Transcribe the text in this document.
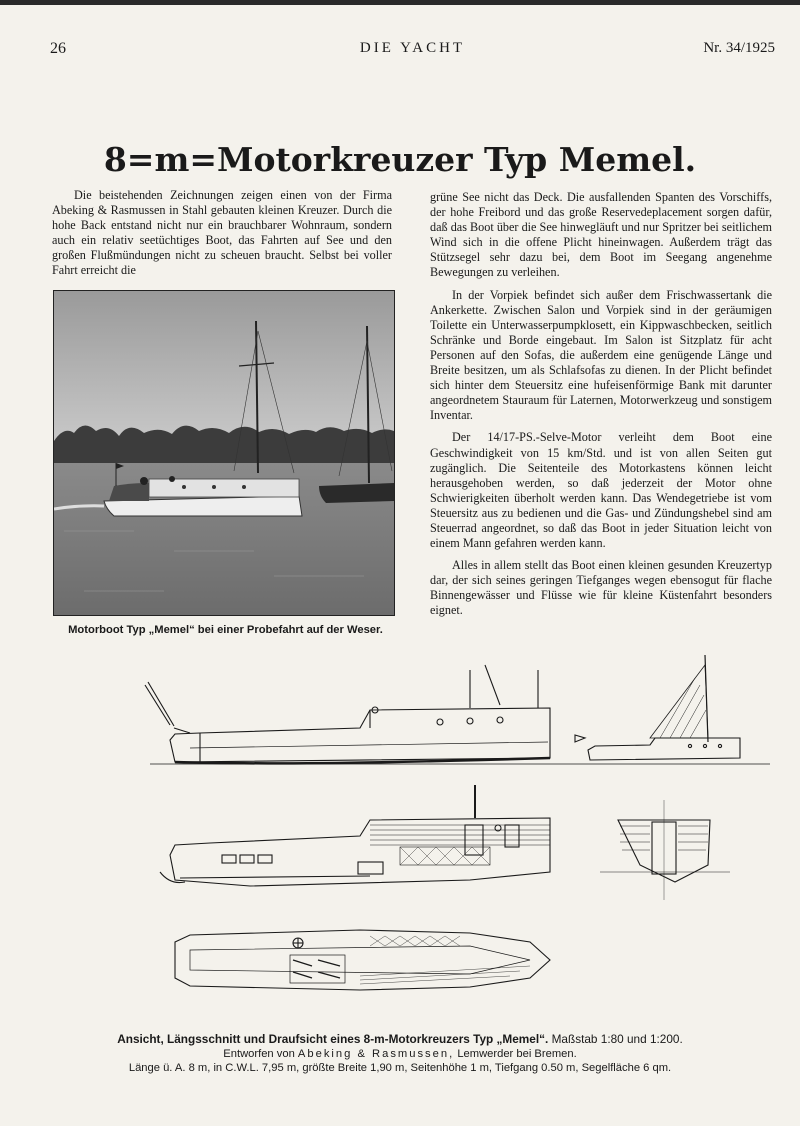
26	DIE YACHT	Nr. 34/1925
8=m=Motorkreuzer Typ Memel.

Die beistehenden Zeichnungen zeigen einen von der Firma Abeking & Rasmussen in Stahl gebauten kleinen Kreuzer. Durch die hohe Back entstand nicht nur ein brauchbarer Wohnraum, sondern auch ein relativ seetüchtiges Boot, das Fahrten auf See und den großen Flußmündungen nicht zu scheuen braucht. Selbst bei voller Fahrt erreicht die

grüne See nicht das Deck. Die ausfallenden Spanten des Vorschiffs, der hohe Freibord und das große Reservedeplacement sorgen dafür, daß das Boot über die See hinwegläuft und nur Spritzer bei seitlichem Wind sich in die offene Plicht hineinwagen. Außerdem trägt das Stützsegel sehr dazu bei, dem Boot im Seegang angenehme Bewegungen zu verleihen.

In der Vorpiek befindet sich außer dem Frischwassertank die Ankerkette. Zwischen Salon und Vorpiek sind in der geräumigen Toilette ein Unterwasserpumpklosett, ein Kippwaschbecken, seitlich Schränke und Borde eingebaut. Im Salon ist Sitzplatz für acht Personen auf den Sofas, die außerdem eine genügende Länge und Breite besitzen, um als Schlafsofas zu dienen. In der Plicht befindet sich hinter dem Steuersitz eine hufeisenförmige Bank mit darunter angeordnetem Stauraum für Laternen, Motorwerkzeug und sonstigem Inventar.

Der 14/17-PS.-Selve-Motor verleiht dem Boot eine Geschwindigkeit von 15 km/Std. und ist von allen Seiten gut zugänglich. Die Seitenteile des Motorkastens können leicht herausgehoben werden, so daß jederzeit der Motor ohne Schwierigkeiten überholt werden kann. Das Wendegetriebe ist vom Steuersitz aus zu bedienen und die Gas- und Zündungshebel sind am Steuerrad angeordnet, so daß das Boot in jeder Situation leicht von einem Mann gefahren werden kann.

Alles in allem stellt das Boot einen kleinen gesunden Kreuzertyp dar, der sich seines geringen Tiefganges wegen ebensogut für flache Binnengewässer und Flüsse wie für kleine Küstenfahrt besonders eignet.

Motorboot Typ „Memel“ bei einer Probefahrt auf der Weser.
Ansicht, Längsschnitt und Draufsicht eines 8-m-Motorkreuzers Typ „Memel“. Maßstab 1:80 und 1:200.
Entworfen von Abeking & Rasmussen, Lemwerder bei Bremen.
Länge ü. A. 8 m, in C.W.L. 7,95 m, größte Breite 1,90 m, Seitenhöhe 1 m, Tiefgang 0.50 m, Segelfläche 6 qm.
